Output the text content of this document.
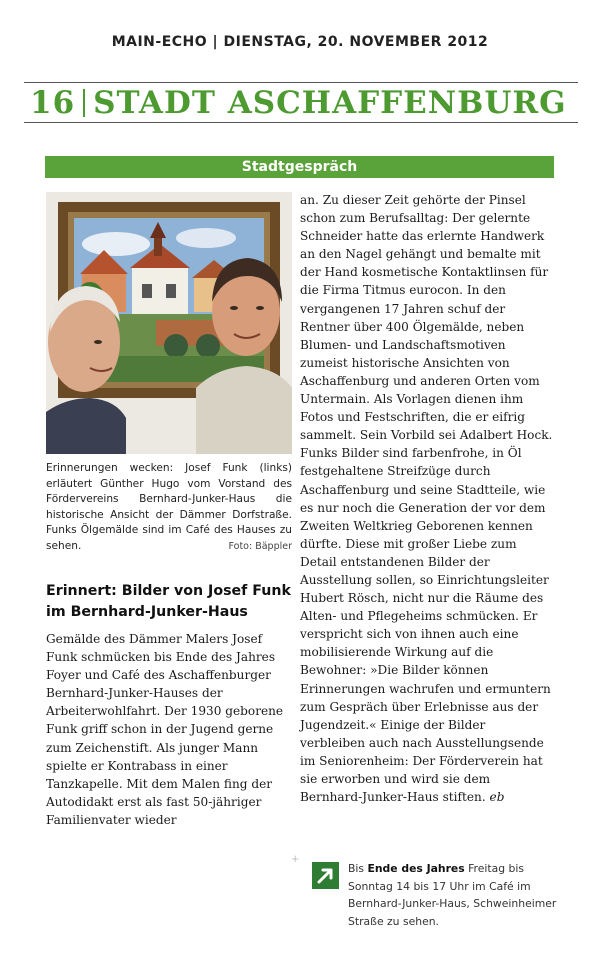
MAIN-ECHO | DIENSTAG, 20. NOVEMBER 2012
16 STADT ASCHAFFENBURG
Stadtgespräch
Erinnerungen wecken: Josef Funk (links) erläutert Günther Hugo vom Vorstand des Fördervereins Bernhard-Junker-Haus die historische Ansicht der Dämmer Dorfstraße. Funks Ölgemälde sind im Café des Hauses zu sehen.	Foto: Bäppler
Erinnert: Bilder von Josef Funk im Bernhard-Junker-Haus
Gemälde des Dämmer Malers Josef Funk schmücken bis Ende des Jahres Foyer und Café des Aschaffenburger Bernhard-Junker-Hauses der Arbeiterwohlfahrt. Der 1930 geborene Funk griff schon in der Jugend gerne zum Zeichenstift. Als junger Mann spielte er Kontrabass in einer Tanzkapelle. Mit dem Malen fing der Autodidakt erst als fast 50-jähriger Familienvater wieder
an. Zu dieser Zeit gehörte der Pinsel schon zum Berufsalltag: Der gelernte Schneider hatte das erlernte Handwerk an den Nagel gehängt und bemalte mit der Hand kosmetische Kontaktlinsen für die Firma Titmus eurocon. In den vergangenen 17 Jahren schuf der Rentner über 400 Ölgemälde, neben Blumen- und Landschaftsmotiven zumeist historische Ansichten von Aschaffenburg und anderen Orten vom Untermain. Als Vorlagen dienen ihm Fotos und Festschriften, die er eifrig sammelt. Sein Vorbild sei Adalbert Hock. Funks Bilder sind farbenfrohe, in Öl festgehaltene Streifzüge durch Aschaffenburg und seine Stadtteile, wie es nur noch die Generation der vor dem Zweiten Weltkrieg Geborenen kennen dürfte. Diese mit großer Liebe zum Detail entstandenen Bilder der Ausstellung sollen, so Einrichtungsleiter Hubert Rösch, nicht nur die Räume des Alten- und Pflegeheims schmücken. Er verspricht sich von ihnen auch eine mobilisierende Wirkung auf die Bewohner: »Die Bilder können Erinnerungen wachrufen und ermuntern zum Gespräch über Erlebnisse aus der Jugendzeit.« Einige der Bilder verbleiben auch nach Ausstellungsende im Seniorenheim: Der Förderverein hat sie erworben und wird sie dem Bernhard-Junker-Haus stiften. eb
+
Bis Ende des Jahres Freitag bis Sonntag 14 bis 17 Uhr im Café im Bernhard-Junker-Haus, Schweinheimer Straße zu sehen.
